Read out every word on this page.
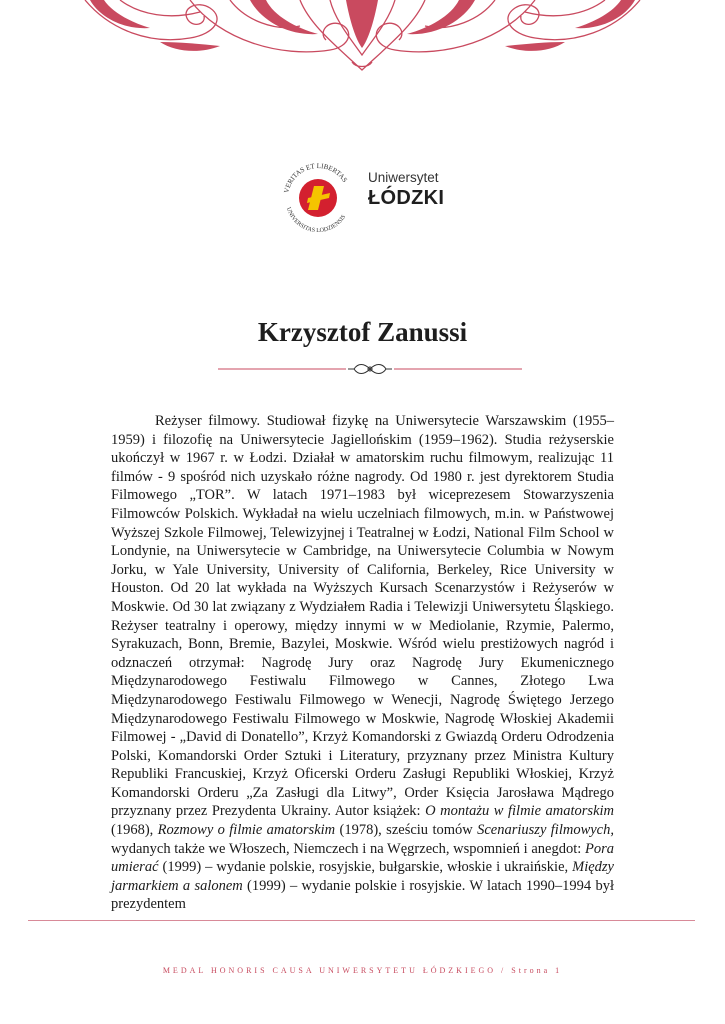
VERITAS ET LIBERTAS
UNIVERSITAS LODZIENSIS
Uniwersytet
ŁÓDZKI
Krzysztof Zanussi

Reżyser filmowy. Studiował fizykę na Uniwersytecie Warszawskim (1955–1959) i filozofię na Uniwersytecie Jagiellońskim (1959–1962). Studia reżyserskie ukończył w 1967 r. w Łodzi. Działał w amatorskim ruchu filmowym, realizując 11 filmów - 9 spośród nich uzyskało różne nagrody. Od 1980 r. jest dyrektorem Studia Filmowego „TOR”. W latach 1971–1983 był wiceprezesem Stowarzyszenia Filmowców Polskich. Wykładał na wielu uczelniach filmowych, m.in. w Państwowej Wyższej Szkole Filmowej, Telewizyjnej i Teatralnej w Łodzi, National Film School w Londynie, na Uniwersytecie w Cambridge, na Uniwersytecie Columbia w Nowym Jorku, w Yale University, University of California, Berkeley, Rice University w Houston. Od 20 lat wykłada na Wyższych Kursach Scenarzystów i Reżyserów w Moskwie. Od 30 lat związany z Wydziałem Radia i Telewizji Uniwersytetu Śląskiego. Reżyser teatralny i operowy, między innymi w w Mediolanie, Rzymie, Palermo, Syrakuzach, Bonn, Bremie, Bazylei, Moskwie. Wśród wielu prestiżowych nagród i odznaczeń otrzymał: Nagrodę Jury oraz Nagrodę Jury Ekumenicznego Międzynarodowego Festiwalu Filmowego w Cannes, Złotego Lwa Międzynarodowego Festiwalu Filmowego w Wenecji, Nagrodę Świętego Jerzego Międzynarodowego Festiwalu Filmowego w Moskwie, Nagrodę Włoskiej Akademii Filmowej - „David di Donatello”, Krzyż Komandorski z Gwiazdą Orderu Odrodzenia Polski, Komandorski Order Sztuki i Literatury, przyznany przez Ministra Kultury Republiki Francuskiej, Krzyż Oficerski Orderu Zasługi Republiki Włoskiej, Krzyż Komandorski Orderu „Za Zasługi dla Litwy”, Order Księcia Jarosława Mądrego przyznany przez Prezydenta Ukrainy. Autor książek: O montażu w filmie amatorskim (1968), Rozmowy o filmie amatorskim (1978), sześciu tomów Scenariuszy filmowych, wydanych także we Włoszech, Niemczech i na Węgrzech, wspomnień i anegdot: Pora umierać (1999) – wydanie polskie, rosyjskie, bułgarskie, włoskie i ukraińskie, Między jarmarkiem a salonem (1999) – wydanie polskie i rosyjskie. W latach 1990–1994 był prezydentem

MEDAL HONORIS CAUSA UNIWERSYTETU ŁÓDZKIEGO / Strona 1
